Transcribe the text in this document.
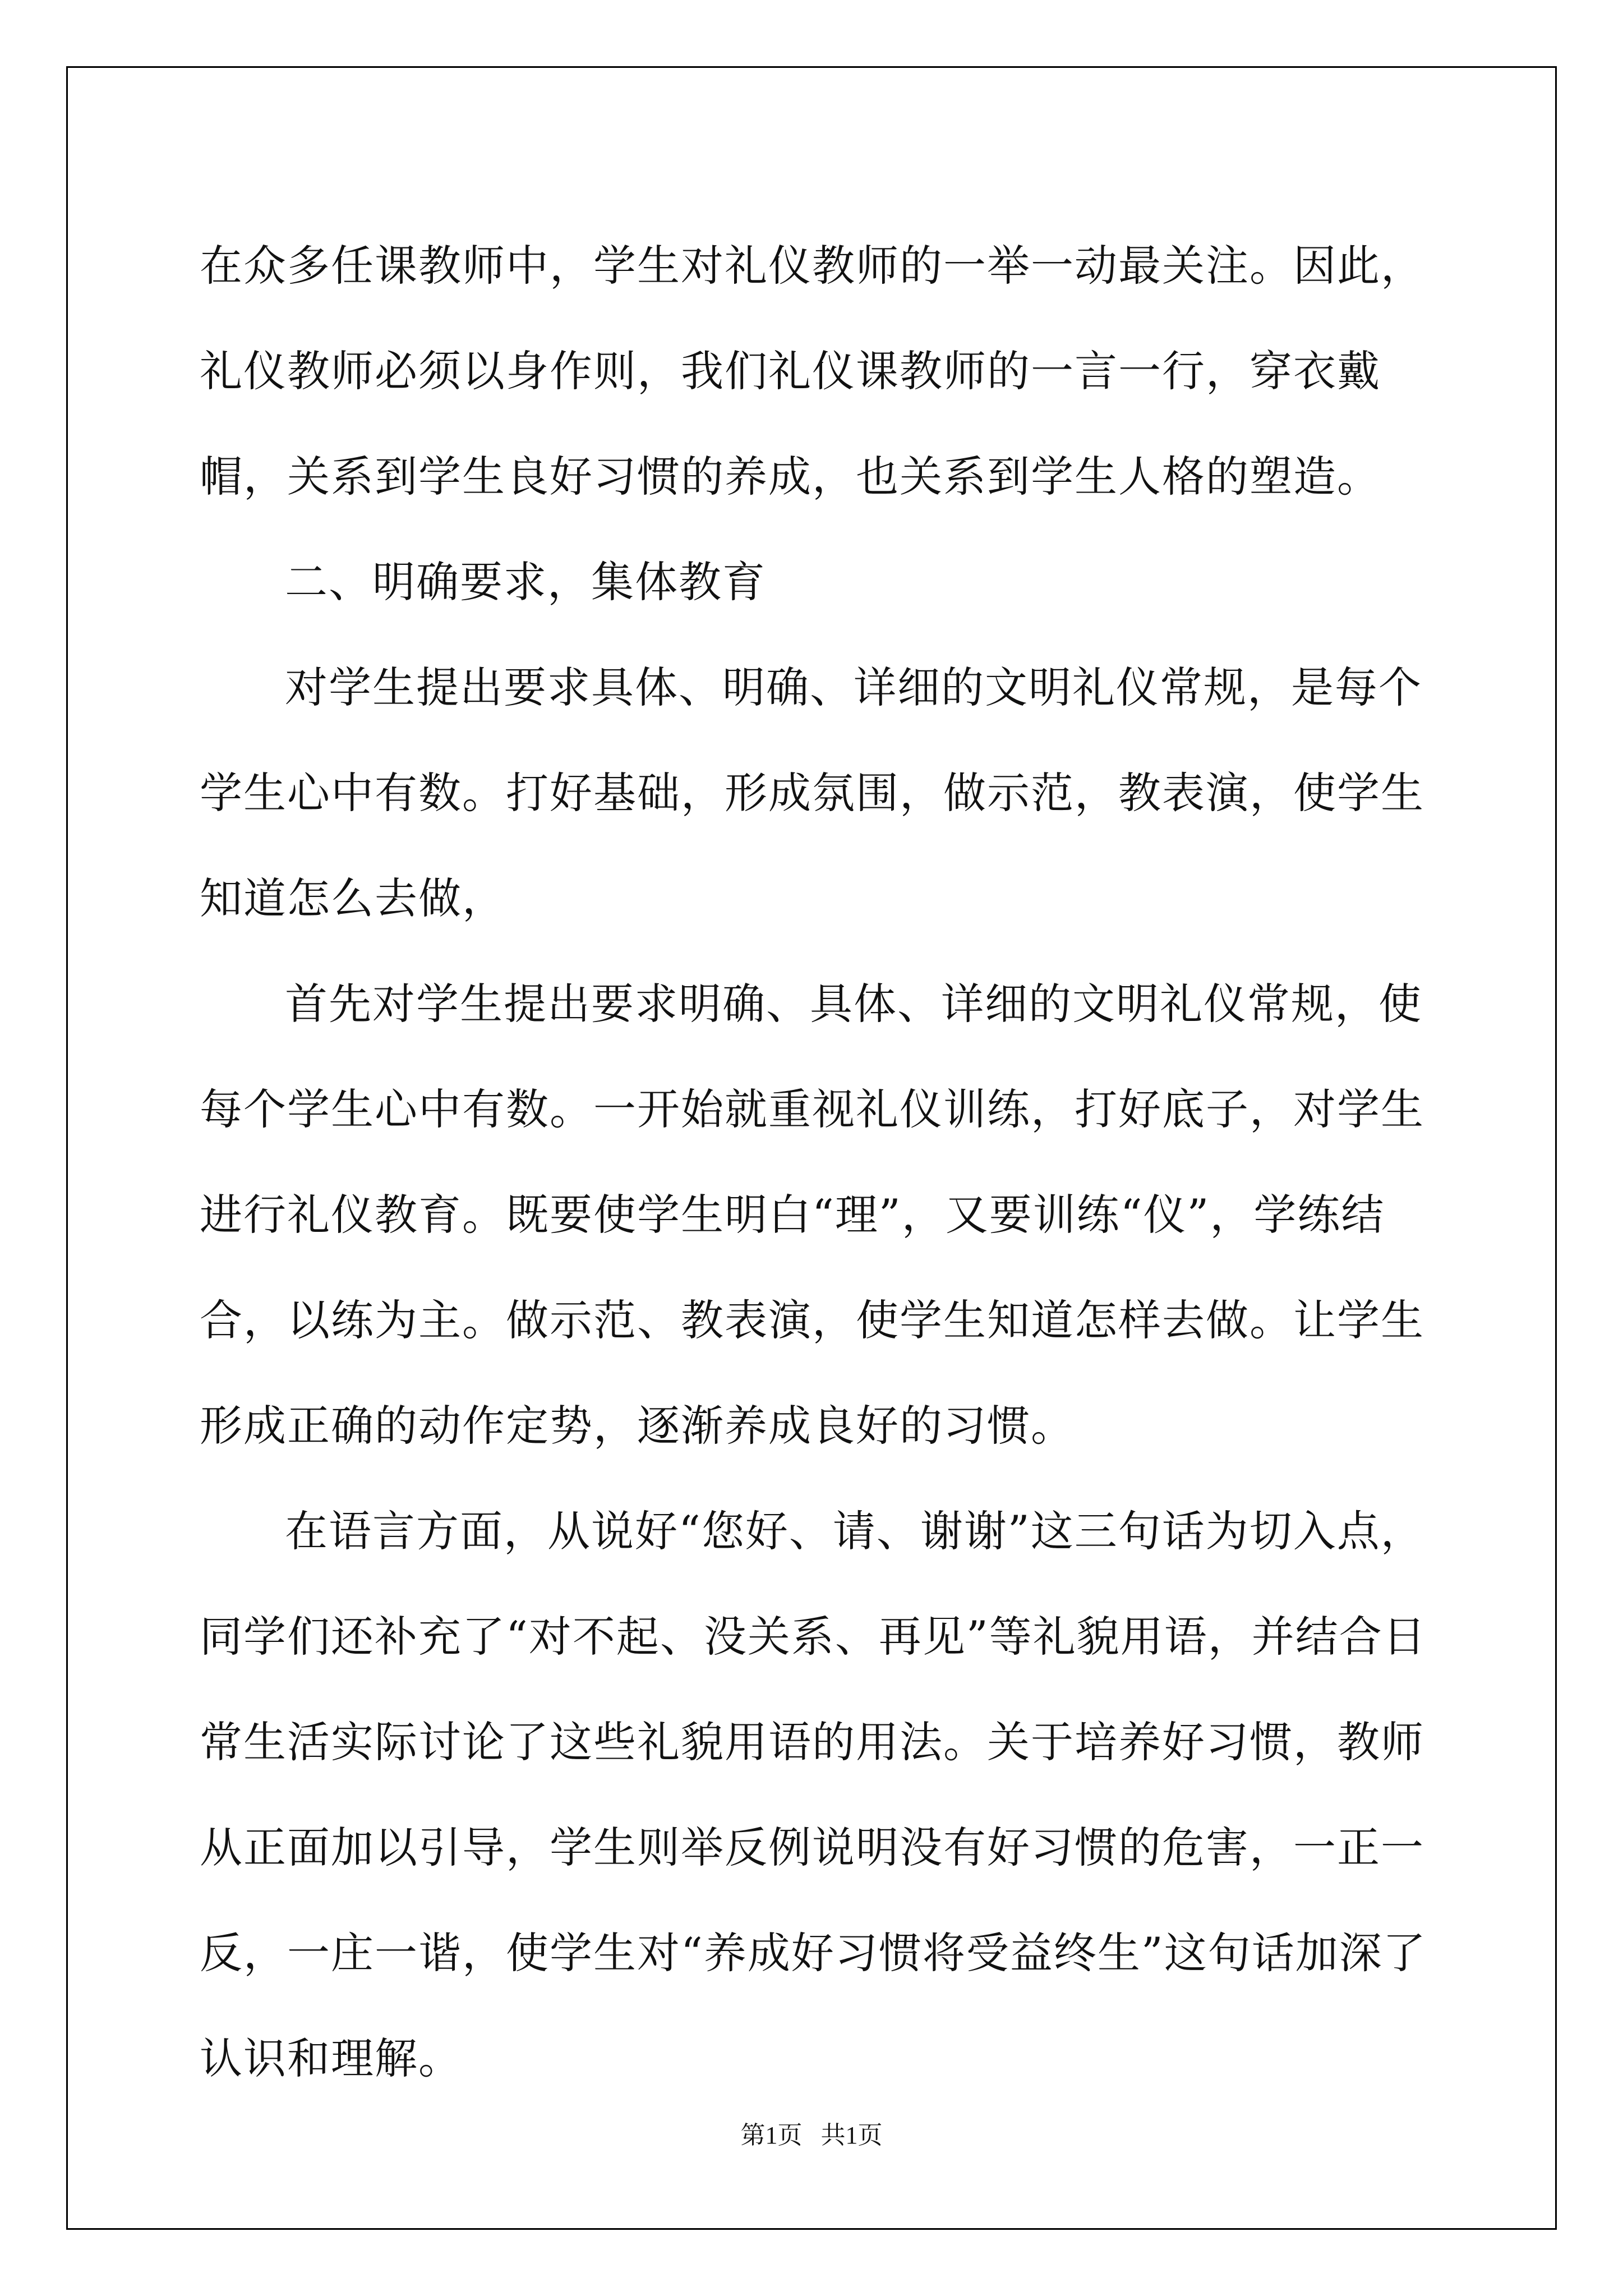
在众多任课教师中，学生对礼仪教师的一举一动最关注。因此，礼仪教师必须以身作则，我们礼仪课教师的一言一行，穿衣戴帽，关系到学生良好习惯的养成，也关系到学生人格的塑造。

二、明确要求，集体教育

对学生提出要求具体、明确、详细的文明礼仪常规，是每个学生心中有数。打好基础，形成氛围，做示范，教表演，使学生知道怎么去做，

首先对学生提出要求明确、具体、详细的文明礼仪常规，使每个学生心中有数。一开始就重视礼仪训练，打好底子，对学生进行礼仪教育。既要使学生明白“理”，又要训练“仪”，学练结合，以练为主。做示范、教表演，使学生知道怎样去做。让学生形成正确的动作定势，逐渐养成良好的习惯。

在语言方面，从说好“您好、请、谢谢”这三句话为切入点，同学们还补充了“对不起、没关系、再见”等礼貌用语，并结合日常生活实际讨论了这些礼貌用语的用法。关于培养好习惯，教师从正面加以引导，学生则举反例说明没有好习惯的危害，一正一反，一庄一谐，使学生对“养成好习惯将受益终生”这句话加深了认识和理解。

第1页 共1页
